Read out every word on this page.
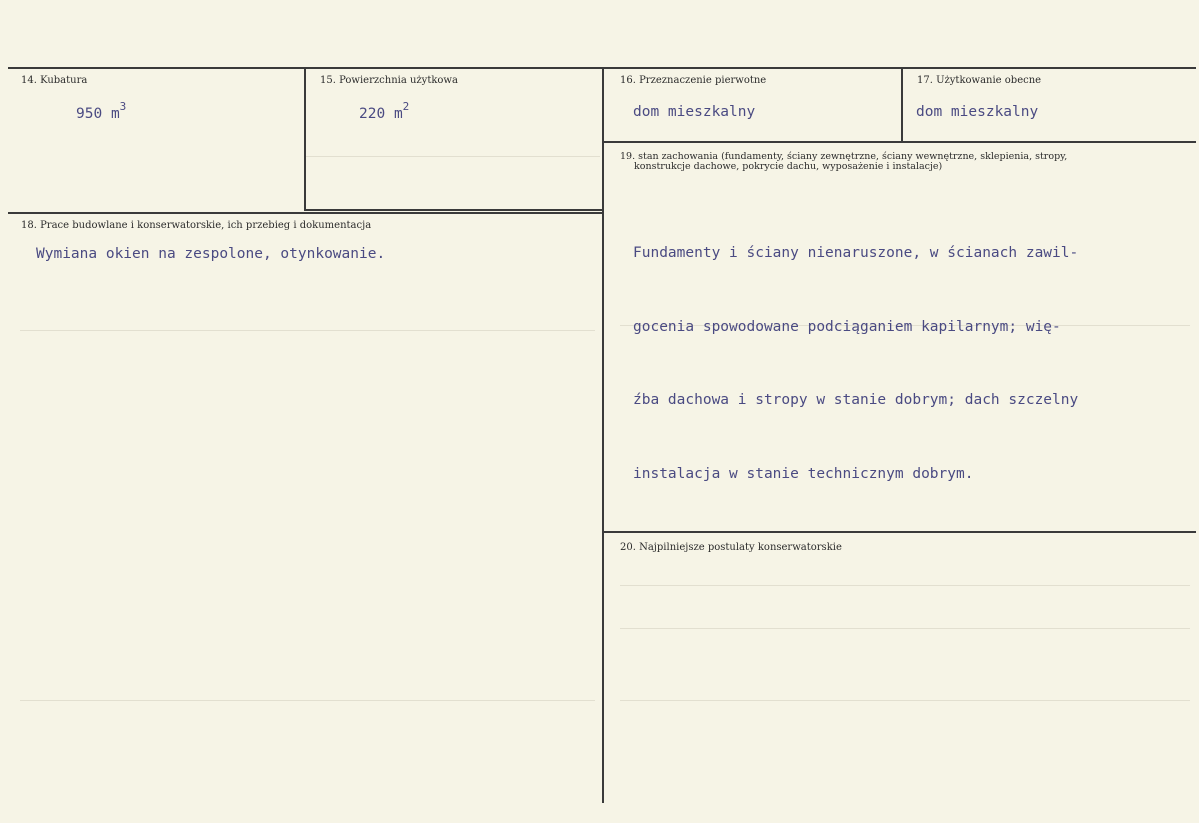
14. Kubatura
950 $m^3$
15. Powierzchnia użytkowa
220 $m^2$
16. Przeznaczenie pierwotne
dom mieszkalny
17. Użytkowanie obecne
dom mieszkalny
18. Prace budowlane i konserwatorskie, ich przebieg i dokumentacja
Wymiana okien na zespolone, otynkowanie.
19. stan zachowania (fundamenty, ściany zewnętrzne, ściany wewnętrzne, sklepienia, stropy,
konstrukcje dachowe, pokrycie dachu, wyposażenie i instalacje)

Fundamenty i ściany nienaruszone, w ścianach zawil-

gocenia spowodowane podciąganiem kapilarnym; wię-

źba dachowa i stropy w stanie dobrym; dach szczelny

instalacja w stanie technicznym dobrym.

20. Najpilniejsze postulaty konserwatorskie
